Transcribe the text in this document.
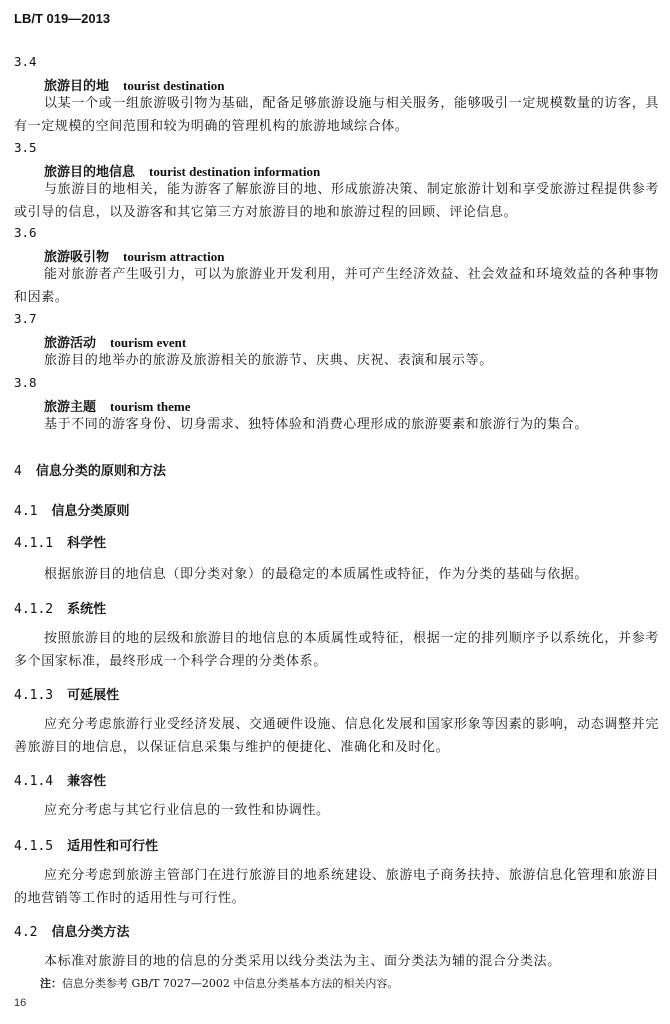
LB/T 019—2013
3.4
旅游目的地 tourist destination
以某一个或一组旅游吸引物为基础，配备足够旅游设施与相关服务，能够吸引一定规模数量的访客，具有一定规模的空间范围和较为明确的管理机构的旅游地域综合体。
3.5
旅游目的地信息 tourist destination information
与旅游目的地相关，能为游客了解旅游目的地、形成旅游决策、制定旅游计划和享受旅游过程提供参考或引导的信息，以及游客和其它第三方对旅游目的地和旅游过程的回顾、评论信息。
3.6
旅游吸引物 tourism attraction
能对旅游者产生吸引力，可以为旅游业开发利用，并可产生经济效益、社会效益和环境效益的各种事物和因素。
3.7
旅游活动 tourism event
旅游目的地举办的旅游及旅游相关的旅游节、庆典、庆祝、表演和展示等。
3.8
旅游主题 tourism theme
基于不同的游客身份、切身需求、独特体验和消费心理形成的旅游要素和旅游行为的集合。
4 信息分类的原则和方法
4.1 信息分类原则
4.1.1 科学性
根据旅游目的地信息（即分类对象）的最稳定的本质属性或特征，作为分类的基础与依据。
4.1.2 系统性
按照旅游目的地的层级和旅游目的地信息的本质属性或特征，根据一定的排列顺序予以系统化，并参考多个国家标准，最终形成一个科学合理的分类体系。
4.1.3 可延展性
应充分考虑旅游行业受经济发展、交通硬件设施、信息化发展和国家形象等因素的影响，动态调整并完善旅游目的地信息，以保证信息采集与维护的便捷化、准确化和及时化。
4.1.4 兼容性
应充分考虑与其它行业信息的一致性和协调性。
4.1.5 适用性和可行性
应充分考虑到旅游主管部门在进行旅游目的地系统建设、旅游电子商务扶持、旅游信息化管理和旅游目的地营销等工作时的适用性与可行性。
4.2 信息分类方法
本标准对旅游目的地的信息的分类采用以线分类法为主、面分类法为辅的混合分类法。
注：信息分类参考 GB/T 7027—2002 中信息分类基本方法的相关内容。
16
